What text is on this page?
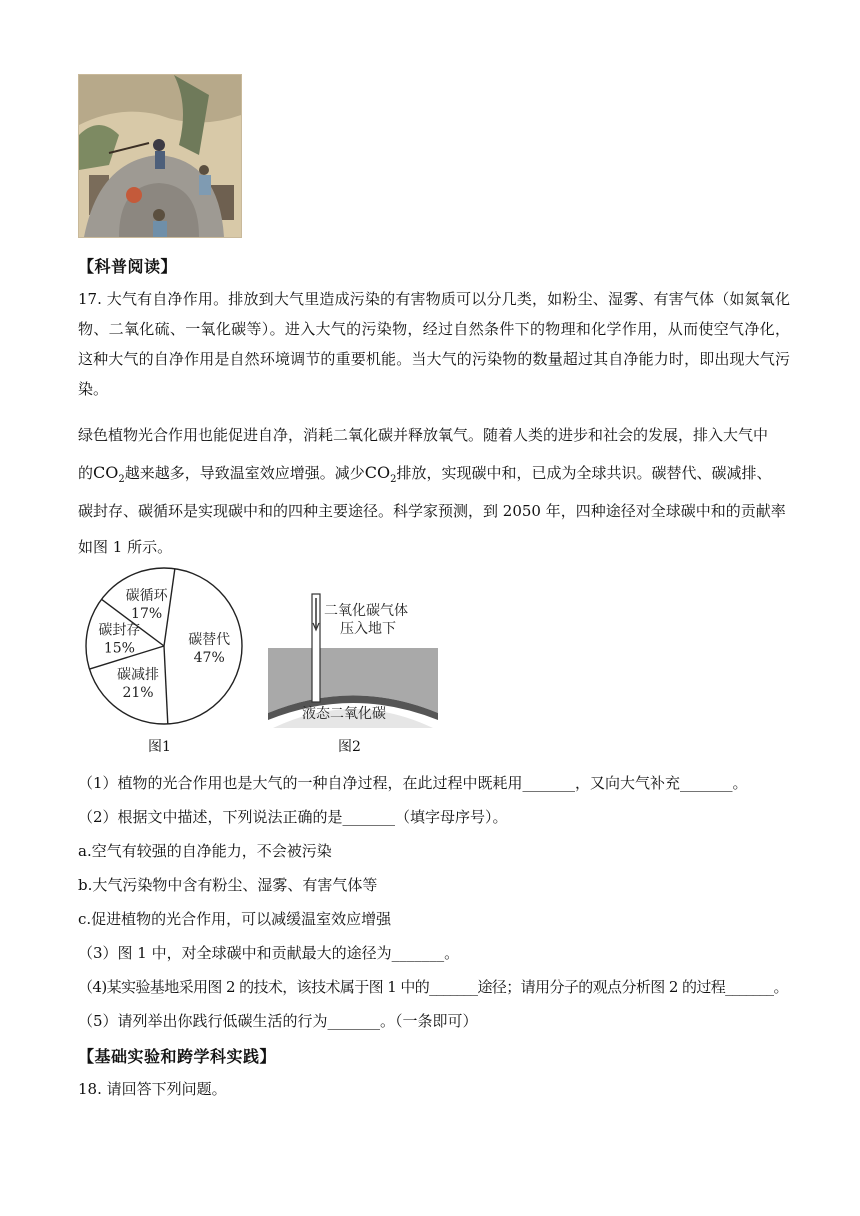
【科普阅读】
17. 大气有自净作用。排放到大气里造成污染的有害物质可以分几类，如粉尘、湿雾、有害气体（如氮氧化物、二氧化硫、一氧化碳等）。进入大气的污染物，经过自然条件下的物理和化学作用，从而使空气净化，这种大气的自净作用是自然环境调节的重要机能。当大气的污染物的数量超过其自净能力时，即出现大气污染。
绿色植物光合作用也能促进自净，消耗二氧化碳并释放氧气。随着人类的进步和社会的发展，排入大气中
的$CO_2$越来越多，导致温室效应增强。减少$CO_2$排放，实现碳中和，已成为全球共识。碳替代、碳减排、
碳封存、碳循环是实现碳中和的四种主要途径。科学家预测，到 2050 年，四种途径对全球碳中和的贡献率
如图 1 所示。
碳替代
47%
碳减排
21%
碳封存
15%
碳循环
17%
图1
二氧化碳气体
压入地下
液态二氧化碳
图2
（1）植物的光合作用也是大气的一种自净过程，在此过程中既耗用_______，又向大气补充_______。
（2）根据文中描述，下列说法正确的是_______（填字母序号）。
a.空气有较强的自净能力，不会被污染
b.大气污染物中含有粉尘、湿雾、有害气体等
c.促进植物的光合作用，可以减缓温室效应增强
（3）图 1 中，对全球碳中和贡献最大的途径为_______。
（4)某实验基地采用图 2 的技术，该技术属于图 1 中的_______途径；请用分子的观点分析图 2 的过程_______。
（5）请列举出你践行低碳生活的行为_______。（一条即可）
【基础实验和跨学科实践】
18. 请回答下列问题。
